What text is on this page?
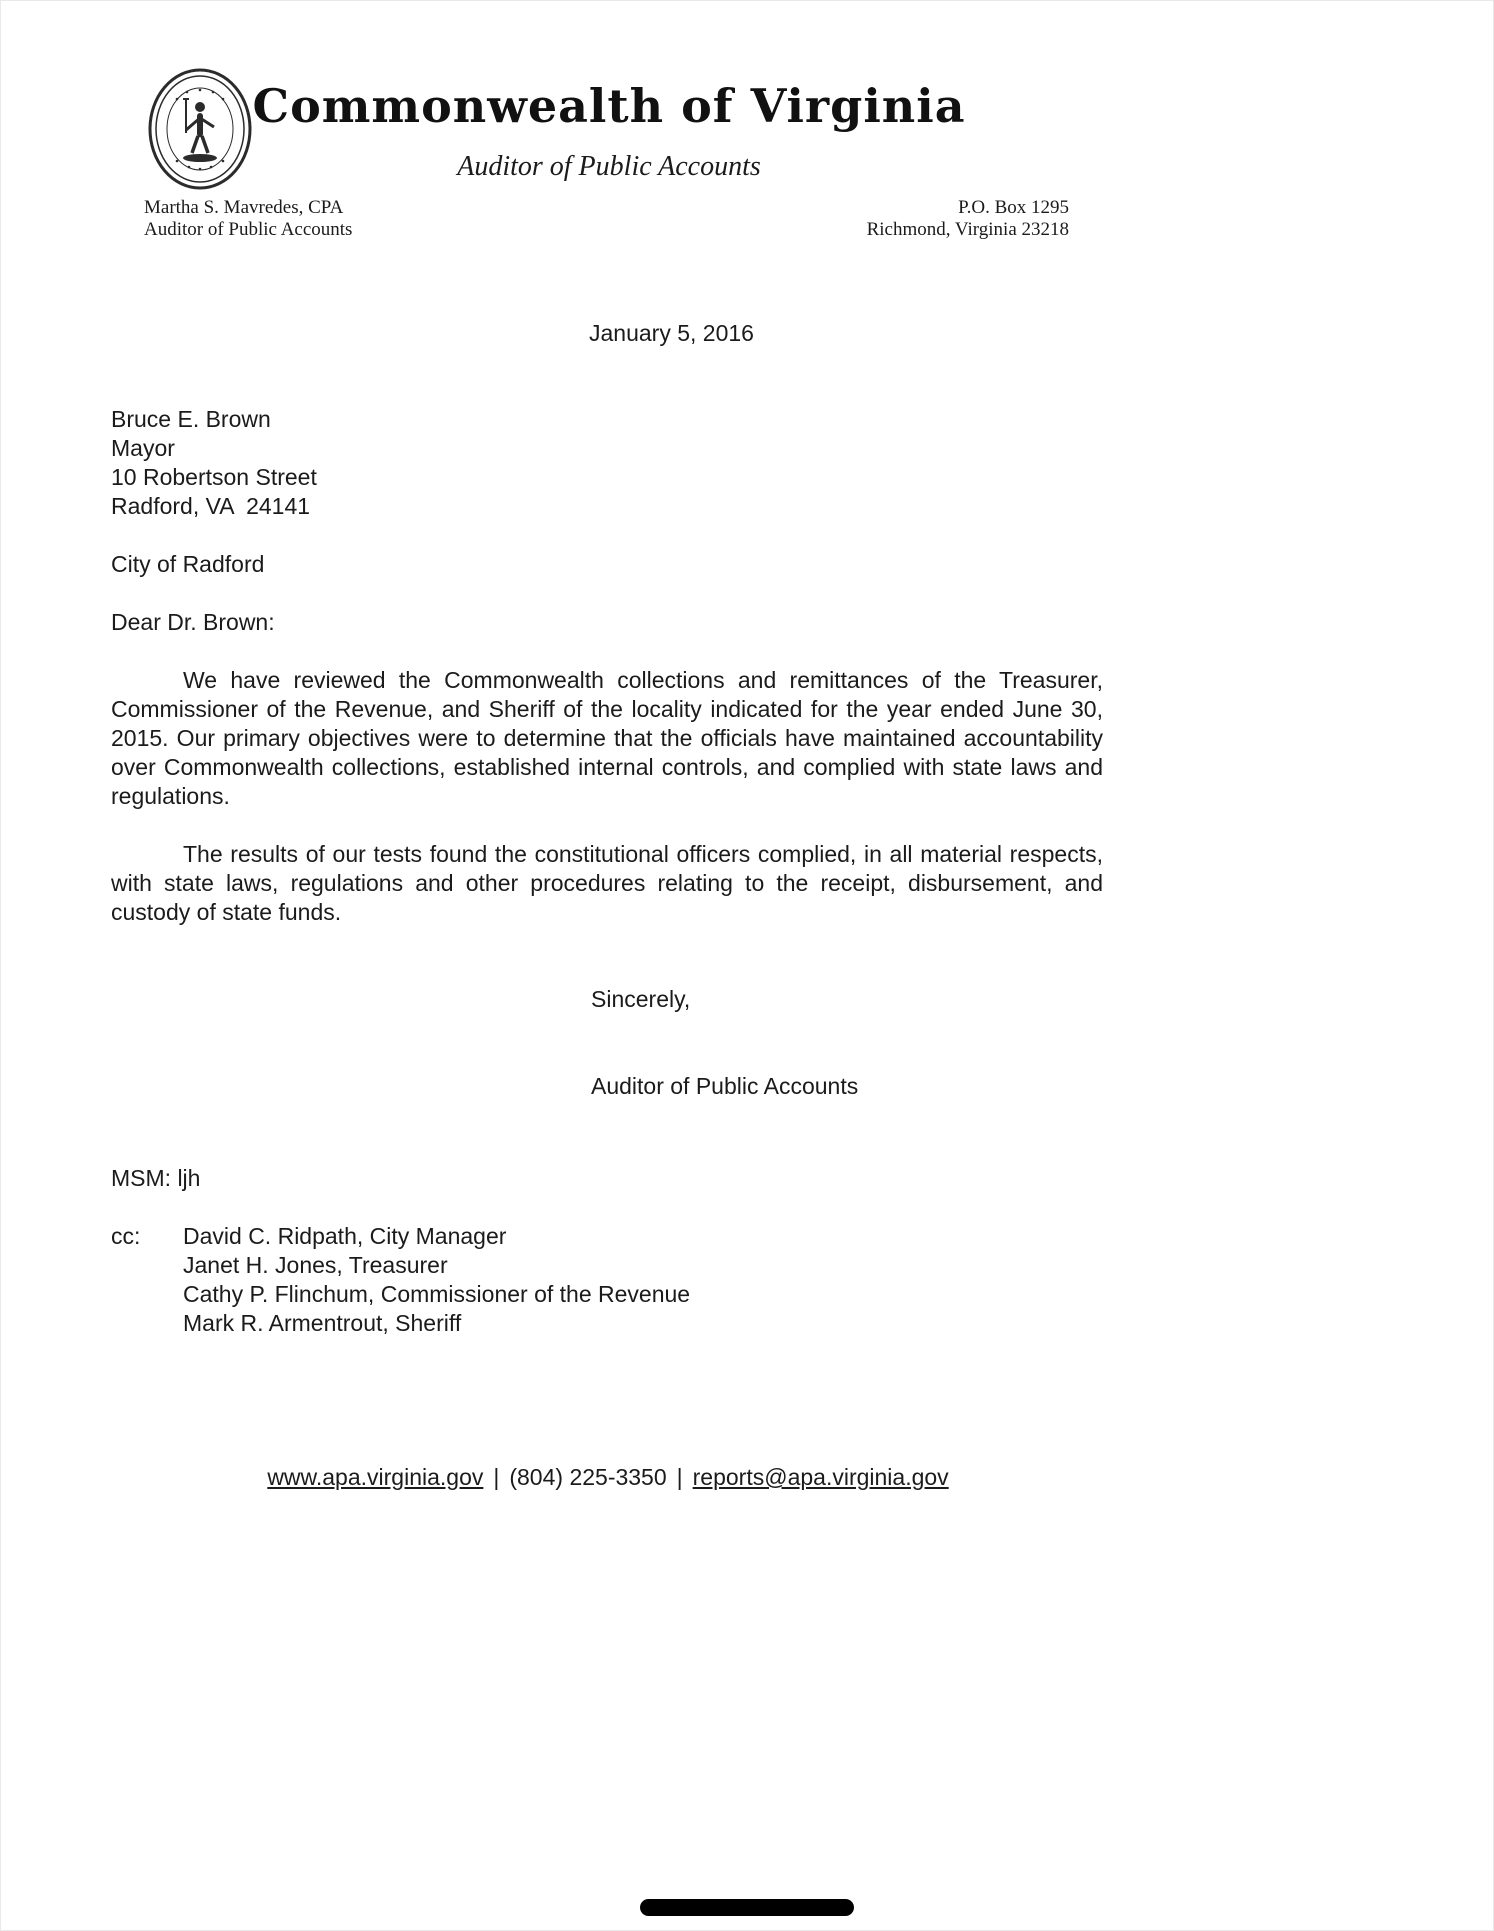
Commonwealth of Virginia
Auditor of Public Accounts
Martha S. Mavredes, CPA
Auditor of Public Accounts
P.O. Box 1295
Richmond, Virginia 23218
January 5, 2016
Bruce E. Brown
Mayor
10 Robertson Street
Radford, VA  24141
City of Radford
Dear Dr. Brown:

We have reviewed the Commonwealth collections and remittances of the Treasurer, Commissioner of the Revenue, and Sheriff of the locality indicated for the year ended June 30, 2015. Our primary objectives were to determine that the officials have maintained accountability over Commonwealth collections, established internal controls, and complied with state laws and regulations.

The results of our tests found the constitutional officers complied, in all material respects, with state laws, regulations and other procedures relating to the receipt, disbursement, and custody of state funds.

Sincerely,
Auditor of Public Accounts
MSM: ljh
cc:	David C. Ridpath, City Manager
Janet H. Jones, Treasurer
Cathy P. Flinchum, Commissioner of the Revenue
Mark R. Armentrout, Sheriff
www.apa.virginia.gov | (804) 225-3350 | reports@apa.virginia.gov
